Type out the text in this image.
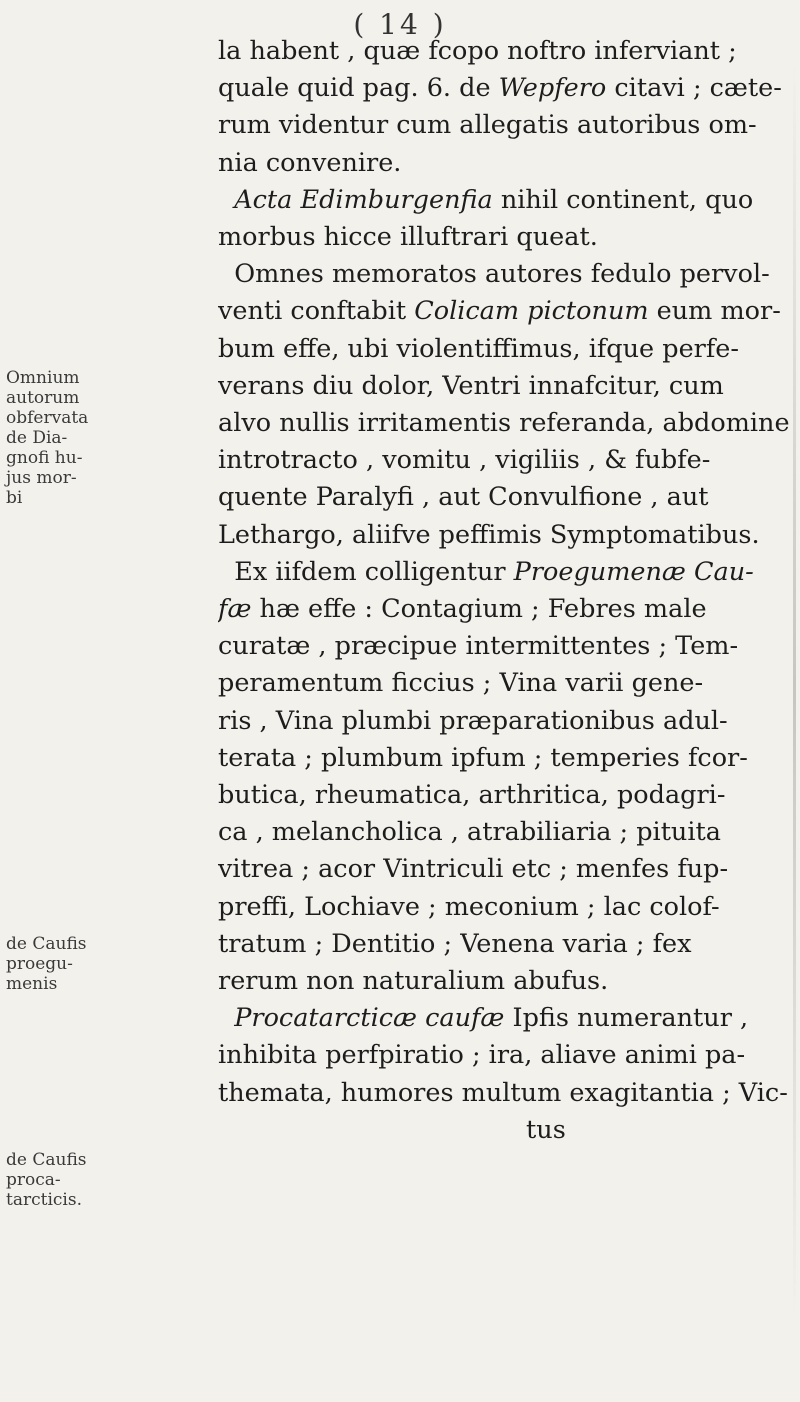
( 14 )
la habent , quæ fcopo noftro inferviant ;
quale quid pag. 6. de Wepfero citavi ; cæte-
rum videntur cum allegatis autoribus om-
nia convenire.
Acta Edimburgenfia nihil continent, quo
morbus hicce illuftrari queat.
Omnes memoratos autores fedulo pervol-
venti conftabit Colicam pictonum eum mor-
bum effe, ubi violentiffimus, ifque perfe-
verans diu dolor, Ventri innafcitur, cum
alvo nullis irritamentis referanda, abdomine
introtracto , vomitu , vigiliis , & fubfe-
quente Paralyfi , aut Convulfione , aut
Lethargo, aliifve peffimis Symptomatibus.
Ex iifdem colligentur Proegumenæ Cau-
fæ hæ effe : Contagium ; Febres male
curatæ , præcipue intermittentes ; Tem-
peramentum ficcius ; Vina varii gene-
ris , Vina plumbi præparationibus adul-
terata ; plumbum ipfum ; temperies fcor-
butica, rheumatica, arthritica, podagri-
ca , melancholica , atrabiliaria ; pituita
vitrea ; acor Vintriculi etc ; menfes fup-
preffi, Lochiave ; meconium ; lac colof-
tratum ; Dentitio ; Venena varia ; fex
rerum non naturalium abufus.
Procatarcticæ caufæ Ipfis numerantur ,
inhibita perfpiratio ; ira, aliave animi pa-
themata, humores multum exagitantia ; Vic-
tus
Omnium
autorum
obfervata
de Dia-
gnofi hu-
jus mor-
bi
de Caufis
proegu-
menis
de Caufis
proca-
tarcticis.
